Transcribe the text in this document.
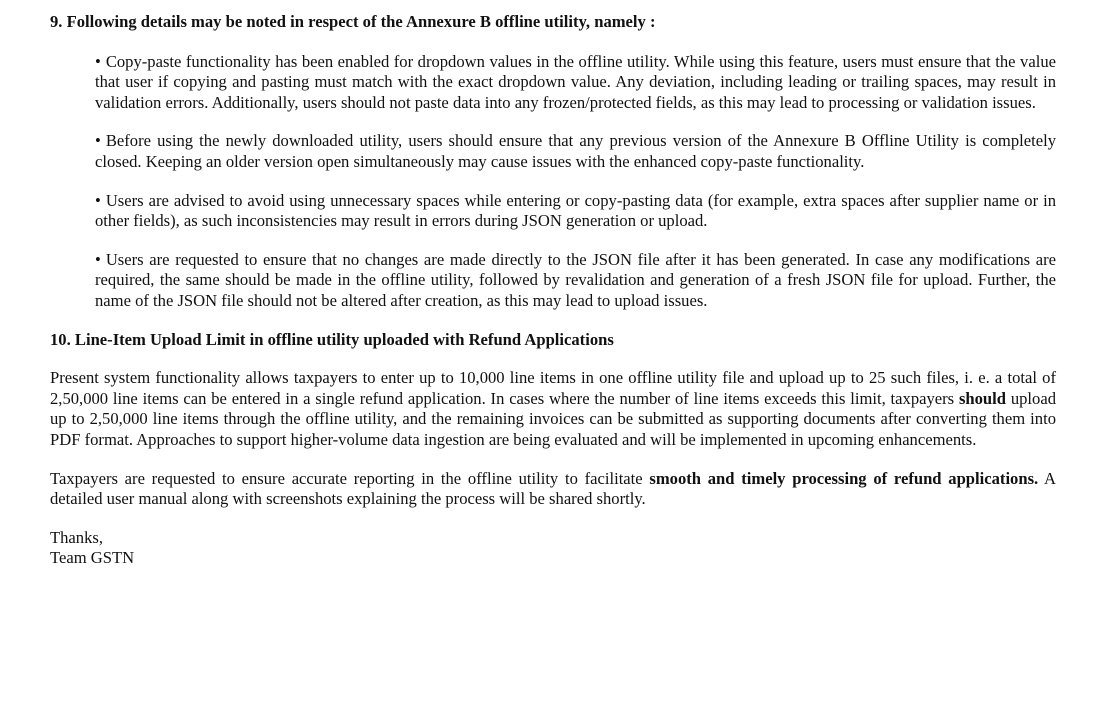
9. Following details may be noted in respect of the Annexure B offline utility, namely :
• Copy-paste functionality has been enabled for dropdown values in the offline utility. While using this feature, users must ensure that the value that user if copying and pasting must match with the exact dropdown value. Any deviation, including leading or trailing spaces, may result in validation errors. Additionally, users should not paste data into any frozen/protected fields, as this may lead to processing or validation issues.
• Before using the newly downloaded utility, users should ensure that any previous version of the Annexure B Offline Utility is completely closed. Keeping an older version open simultaneously may cause issues with the enhanced copy-paste functionality.
• Users are advised to avoid using unnecessary spaces while entering or copy-pasting data (for example, extra spaces after supplier name or in other fields), as such inconsistencies may result in errors during JSON generation or upload.
• Users are requested to ensure that no changes are made directly to the JSON file after it has been generated. In case any modifications are required, the same should be made in the offline utility, followed by revalidation and generation of a fresh JSON file for upload. Further, the name of the JSON file should not be altered after creation, as this may lead to upload issues.
10. Line-Item Upload Limit in offline utility uploaded with Refund Applications

Present system functionality allows taxpayers to enter up to 10,000 line items in one offline utility file and upload up to 25 such files, i. e. a total of 2,50,000 line items can be entered in a single refund application. In cases where the number of line items exceeds this limit, taxpayers should upload up to 2,50,000 line items through the offline utility, and the remaining invoices can be submitted as supporting documents after converting them into PDF format. Approaches to support higher-volume data ingestion are being evaluated and will be implemented in upcoming enhancements.

Taxpayers are requested to ensure accurate reporting in the offline utility to facilitate smooth and timely processing of refund applications. A detailed user manual along with screenshots explaining the process will be shared shortly.

Thanks,
Team GSTN
